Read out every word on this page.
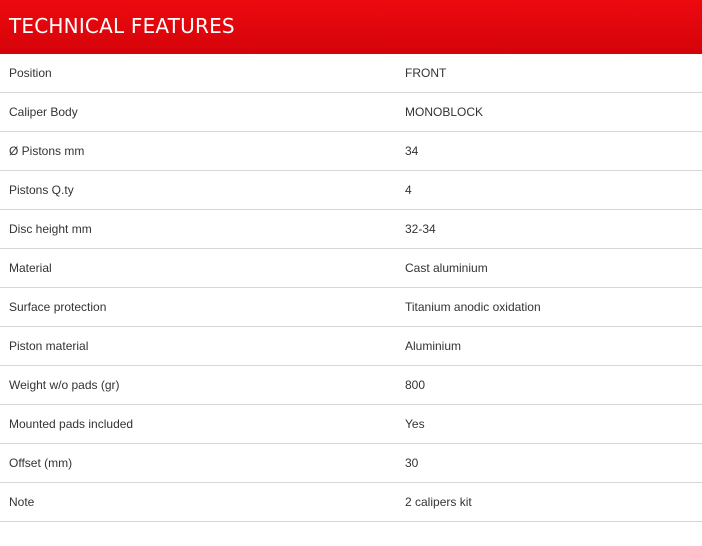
TECHNICAL FEATURES
Position	FRONT
Caliper Body	MONOBLOCK
Ø Pistons mm	34
Pistons Q.ty	4
Disc height mm	32-34
Material	Cast aluminium
Surface protection	Titanium anodic oxidation
Piston material	Aluminium
Weight w/o pads (gr)	800
Mounted pads included	Yes
Offset (mm)	30
Note	2 calipers kit
